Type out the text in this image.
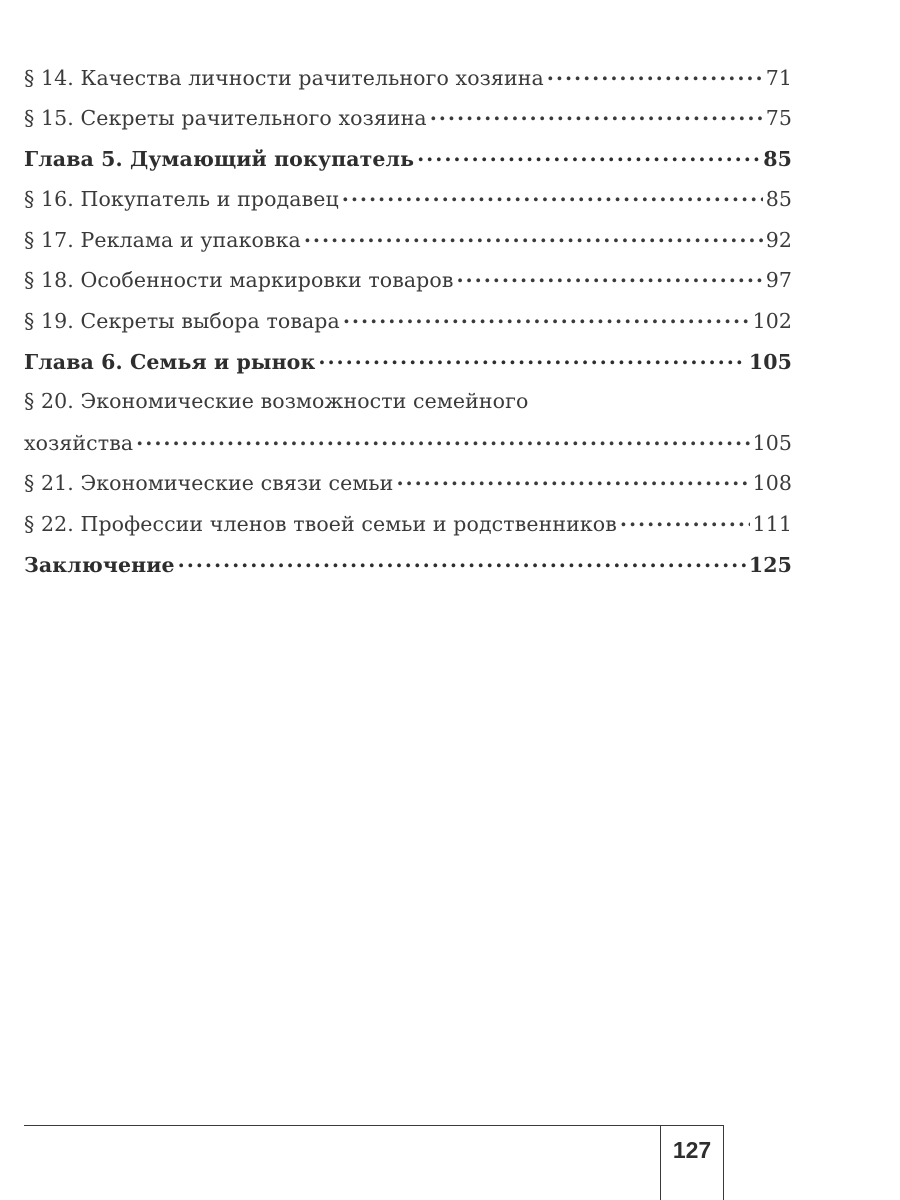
§ 14. Качества личности рачительного хозяина . . .	71
§ 15. Секреты рачительного хозяина . . .	75
Глава 5. Думающий покупатель . . .	85
§ 16. Покупатель и продавец . . .	85
§ 17. Реклама и упаковка . . .	92
§ 18. Особенности маркировки товаров . . .	97
§ 19. Секреты выбора товара . . .	102
Глава 6. Семья и рынок . . .	105
§ 20. Экономические возможности семейного
хозяйства . . .	105
§ 21. Экономические связи семьи . . .	108
§ 22. Профессии членов твоей семьи и родственников . . .	111
Заключение . . .	125
127
